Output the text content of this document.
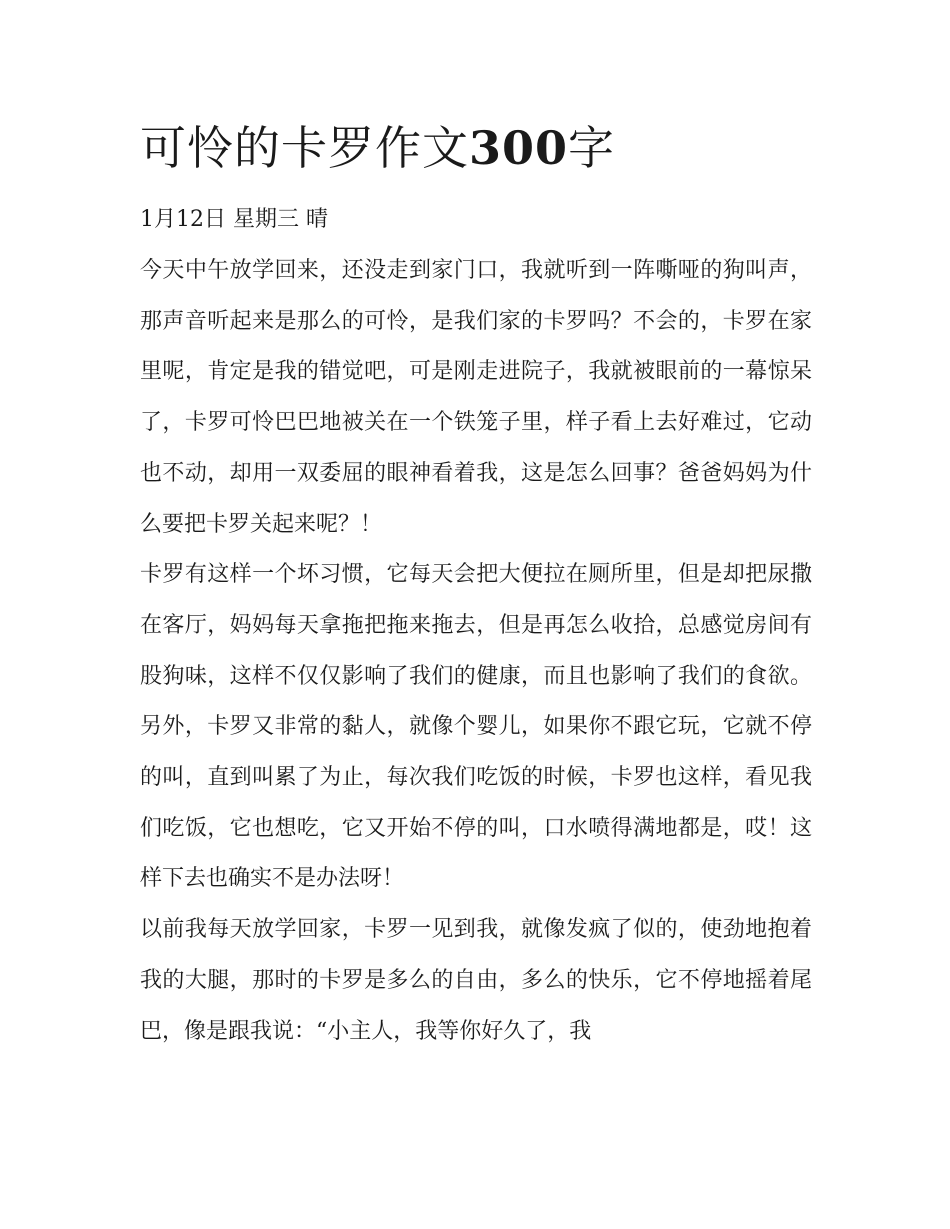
可怜的卡罗作文300字

1月12日 星期三 晴

今天中午放学回来，还没走到家门口，我就听到一阵嘶哑的狗叫声，那声音听起来是那么的可怜，是我们家的卡罗吗？不会的，卡罗在家里呢，肯定是我的错觉吧，可是刚走进院子，我就被眼前的一幕惊呆了，卡罗可怜巴巴地被关在一个铁笼子里，样子看上去好难过，它动也不动，却用一双委屈的眼神看着我，这是怎么回事？爸爸妈妈为什么要把卡罗关起来呢？！

卡罗有这样一个坏习惯，它每天会把大便拉在厕所里，但是却把尿撒在客厅，妈妈每天拿拖把拖来拖去，但是再怎么收拾，总感觉房间有股狗味，这样不仅仅影响了我们的健康，而且也影响了我们的食欲。另外，卡罗又非常的黏人，就像个婴儿，如果你不跟它玩，它就不停的叫，直到叫累了为止，每次我们吃饭的时候，卡罗也这样，看见我们吃饭，它也想吃，它又开始不停的叫，口水喷得满地都是，哎！这样下去也确实不是办法呀！

以前我每天放学回家，卡罗一见到我，就像发疯了似的，使劲地抱着我的大腿，那时的卡罗是多么的自由，多么的快乐，它不停地摇着尾巴，像是跟我说：“小主人，我等你好久了，我
